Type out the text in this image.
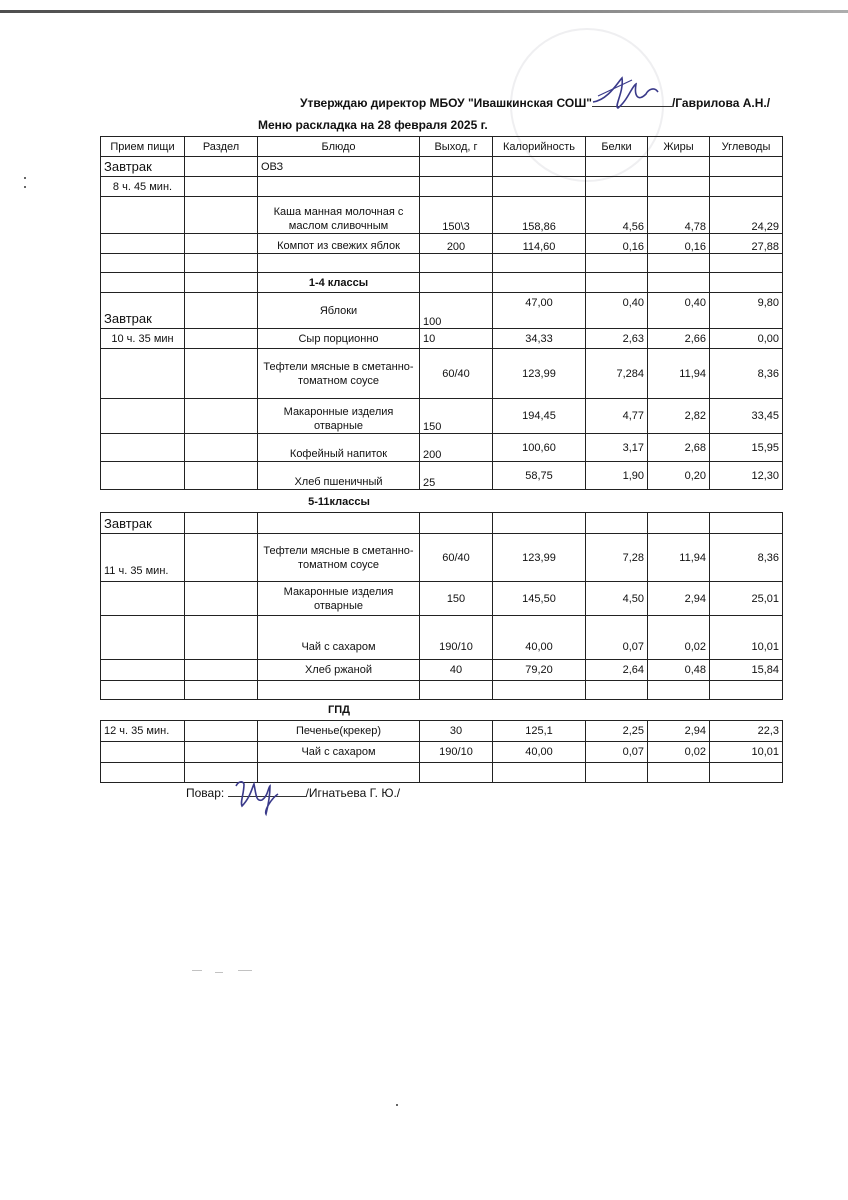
Утверждаю директор МБОУ "Ивашкинская СОШ"	/Гаврилова А.Н./
Меню раскладка на 28 февраля 2025 г.
Прием пищи	Раздел	Блюдо	Выход, г	Калорийность	Белки	Жиры	Углеводы
Завтрак		ОВЗ					
8 ч. 45 мин.							
		Каша манная молочная с маслом сливочным	150\3	158,86	4,56	4,78	24,29
		Компот из свежих яблок	200	114,60	0,16	0,16	27,88

		1-4 классы					
Завтрак		Яблоки	100	47,00	0,40	0,40	9,80
10 ч. 35 мин		Сыр порционно	10	34,33	2,63	2,66	0,00
		Тефтели мясные в сметанно-томатном соусе	60/40	123,99	7,284	11,94	8,36
		Макаронные изделия отварные	150	194,45	4,77	2,82	33,45
		Кофейный напиток	200	100,60	3,17	2,68	15,95
		Хлеб пшеничный	25	58,75	1,90	0,20	12,30
5-11классы
Завтрак							
11 ч. 35 мин.		Тефтели мясные в сметанно-томатном соусе	60/40	123,99	7,28	11,94	8,36
		Макаронные изделия отварные	150	145,50	4,50	2,94	25,01
		Чай с сахаром	190/10	40,00	0,07	0,02	10,01
		Хлеб ржаной	40	79,20	2,64	0,48	15,84

ГПД
12 ч. 35 мин.		Печенье(крекер)	30	125,1	2,25	2,94	22,3
		Чай с сахаром	190/10	40,00	0,07	0,02	10,01

Повар:	/Игнатьева Г. Ю./
